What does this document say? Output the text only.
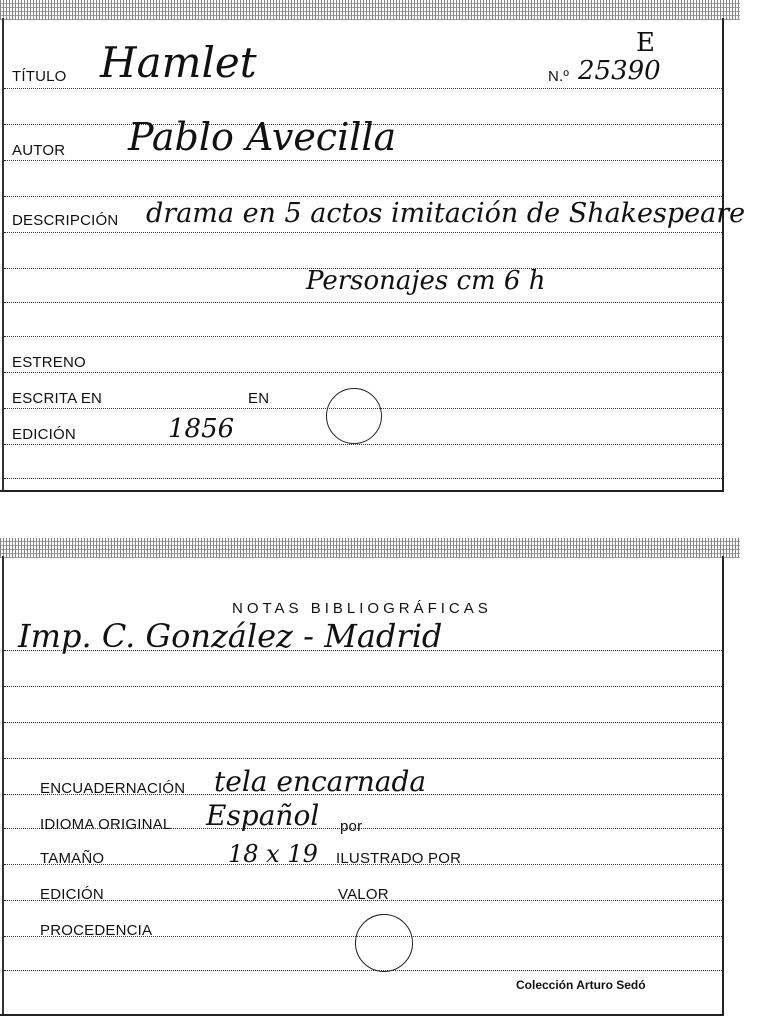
E
TÍTULO Hamlet	N.º 25390
AUTOR Pablo Avecilla
DESCRIPCIÓN drama en 5 actos imitación de Shakespeare
Personajes cm 6 h
ESTRENO
ESCRITA EN	EN
EDICIÓN	1856
NOTAS BIBLIOGRÁFICAS
Imp. C. González - Madrid
ENCUADERNACIÓN tela encarnada
IDIOMA ORIGINAL Español por
TAMAÑO	18 x 19 ILUSTRADO POR
EDICIÓN	VALOR
PROCEDENCIA
Colección Arturo Sedó
